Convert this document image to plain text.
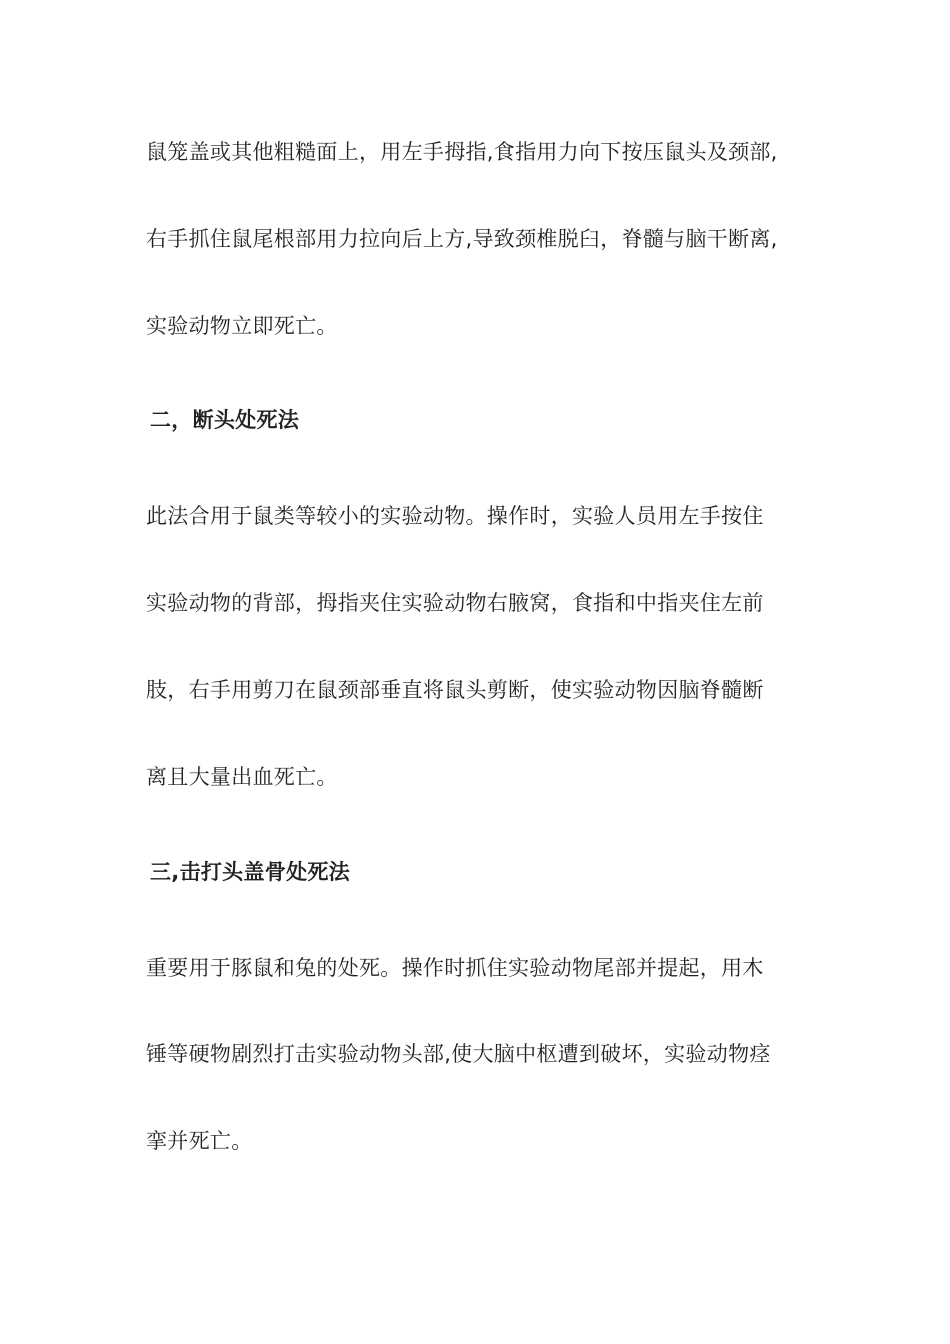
鼠笼盖或其他粗糙面上，用左手拇指,食指用力向下按压鼠头及颈部,
右手抓住鼠尾根部用力拉向后上方,导致颈椎脱臼，脊髓与脑干断离,
实验动物立即死亡。
二，断头处死法
此法合用于鼠类等较小的实验动物。操作时，实验人员用左手按住
实验动物的背部，拇指夹住实验动物右腋窝，食指和中指夹住左前
肢，右手用剪刀在鼠颈部垂直将鼠头剪断，使实验动物因脑脊髓断
离且大量出血死亡。
三,击打头盖骨处死法
重要用于豚鼠和兔的处死。操作时抓住实验动物尾部并提起，用木
锤等硬物剧烈打击实验动物头部,使大脑中枢遭到破坏，实验动物痉
挛并死亡。
